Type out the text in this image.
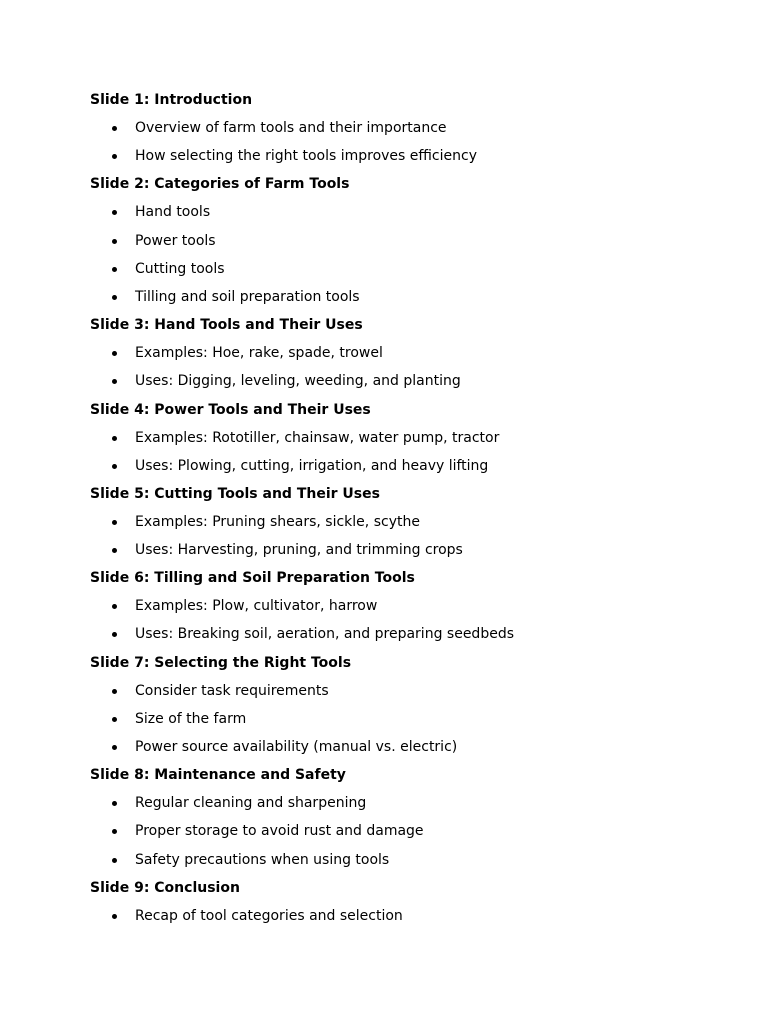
Slide 1: Introduction
Overview of farm tools and their importance
How selecting the right tools improves efficiency
Slide 2: Categories of Farm Tools
Hand tools
Power tools
Cutting tools
Tilling and soil preparation tools
Slide 3: Hand Tools and Their Uses
Examples: Hoe, rake, spade, trowel
Uses: Digging, leveling, weeding, and planting
Slide 4: Power Tools and Their Uses
Examples: Rototiller, chainsaw, water pump, tractor
Uses: Plowing, cutting, irrigation, and heavy lifting
Slide 5: Cutting Tools and Their Uses
Examples: Pruning shears, sickle, scythe
Uses: Harvesting, pruning, and trimming crops
Slide 6: Tilling and Soil Preparation Tools
Examples: Plow, cultivator, harrow
Uses: Breaking soil, aeration, and preparing seedbeds
Slide 7: Selecting the Right Tools
Consider task requirements
Size of the farm
Power source availability (manual vs. electric)
Slide 8: Maintenance and Safety
Regular cleaning and sharpening
Proper storage to avoid rust and damage
Safety precautions when using tools
Slide 9: Conclusion
Recap of tool categories and selection
